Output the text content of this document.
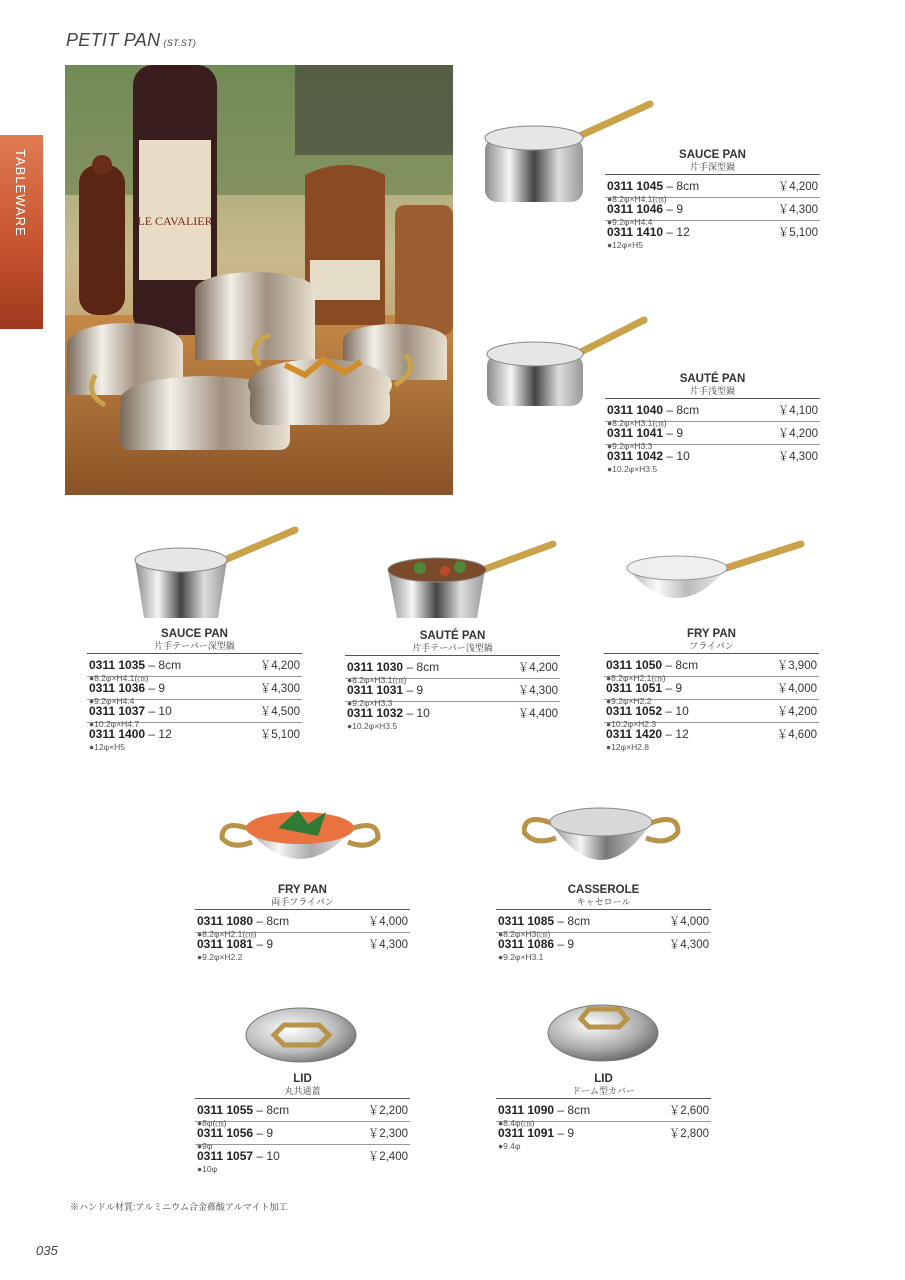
PETIT PAN (ST.ST)
TABLEWARE	LE CAVALIER
SAUCE PAN
片手深型鍋
0311 1045 – 8cm	￥4,200
●8.2φ×H4.1(㎝)
0311 1046 – 9	￥4,300
●9.2φ×H4.4
0311 1410 – 12	￥5,100
●12φ×H5
SAUTÉ PAN
片手浅型鍋
0311 1040 – 8cm	￥4,100
●8.2φ×H3.1(㎝)
0311 1041 – 9	￥4,200
●9.2φ×H3.3
0311 1042 – 10	￥4,300
●10.2φ×H3.5
SAUCE PAN
片手テーパー深型鍋
0311 1035 – 8cm	￥4,200
●8.2φ×H4.1(㎝)
0311 1036 – 9	￥4,300
●9.2φ×H4.4
0311 1037 – 10	￥4,500
●10.2φ×H4.7
0311 1400 – 12	￥5,100
●12φ×H5
SAUTÉ PAN
片手テーパー浅型鍋
0311 1030 – 8cm	￥4,200
●8.2φ×H3.1(㎝)
0311 1031 – 9	￥4,300
●9.2φ×H3.3
0311 1032 – 10	￥4,400
●10.2φ×H3.5
FRY PAN
フライパン
0311 1050 – 8cm	￥3,900
●8.2φ×H2.1(㎝)
0311 1051 – 9	￥4,000
●9.2φ×H2.2
0311 1052 – 10	￥4,200
●10.2φ×H2.3
0311 1420 – 12	￥4,600
●12φ×H2.8
FRY PAN
両手フライパン
0311 1080 – 8cm	￥4,000
●8.2φ×H2.1(㎝)
0311 1081 – 9	￥4,300
●9.2φ×H2.2
CASSEROLE
キャセロール
0311 1085 – 8cm	￥4,000
●8.2φ×H3(㎝)
0311 1086 – 9	￥4,300
●9.2φ×H3.1
LID
丸共通蓋
0311 1055 – 8cm	￥2,200
●8φ(㎝)
0311 1056 – 9	￥2,300
●9φ
0311 1057 – 10	￥2,400
●10φ
LID
ドーム型カバー
0311 1090 – 8cm	￥2,600
●8.4φ(㎝)
0311 1091 – 9	￥2,800
●9.4φ
※ハンドル材質:アルミニウム合金蓚酸アルマイト加工
035
